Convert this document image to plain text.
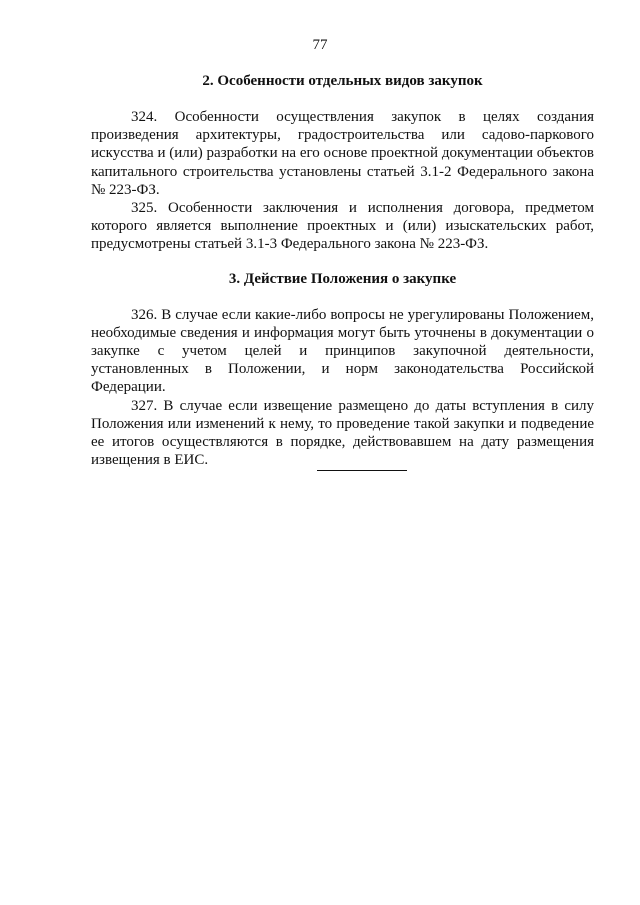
77
2. Особенности отдельных видов закупок

324. Особенности осуществления закупок в целях создания произведения архитектуры, градостроительства или садово-паркового искусства и (или) разработки на его основе проектной документации объектов капитального строительства установлены статьей 3.1-2 Федерального закона № 223-ФЗ.

325. Особенности заключения и исполнения договора, предметом которого является выполнение проектных и (или) изыскательских работ, предусмотрены статьей 3.1-3 Федерального закона № 223-ФЗ.

3. Действие Положения о закупке

326. В случае если какие-либо вопросы не урегулированы Положением, необходимые сведения и информация могут быть уточнены в документации о закупке с учетом целей и принципов закупочной деятельности, установленных в Положении, и норм законодательства Российской Федерации.

327. В случае если извещение размещено до даты вступления в силу Положения или изменений к нему, то проведение такой закупки и подведение ее итогов осуществляются в порядке, действовавшем на дату размещения извещения в ЕИС.
